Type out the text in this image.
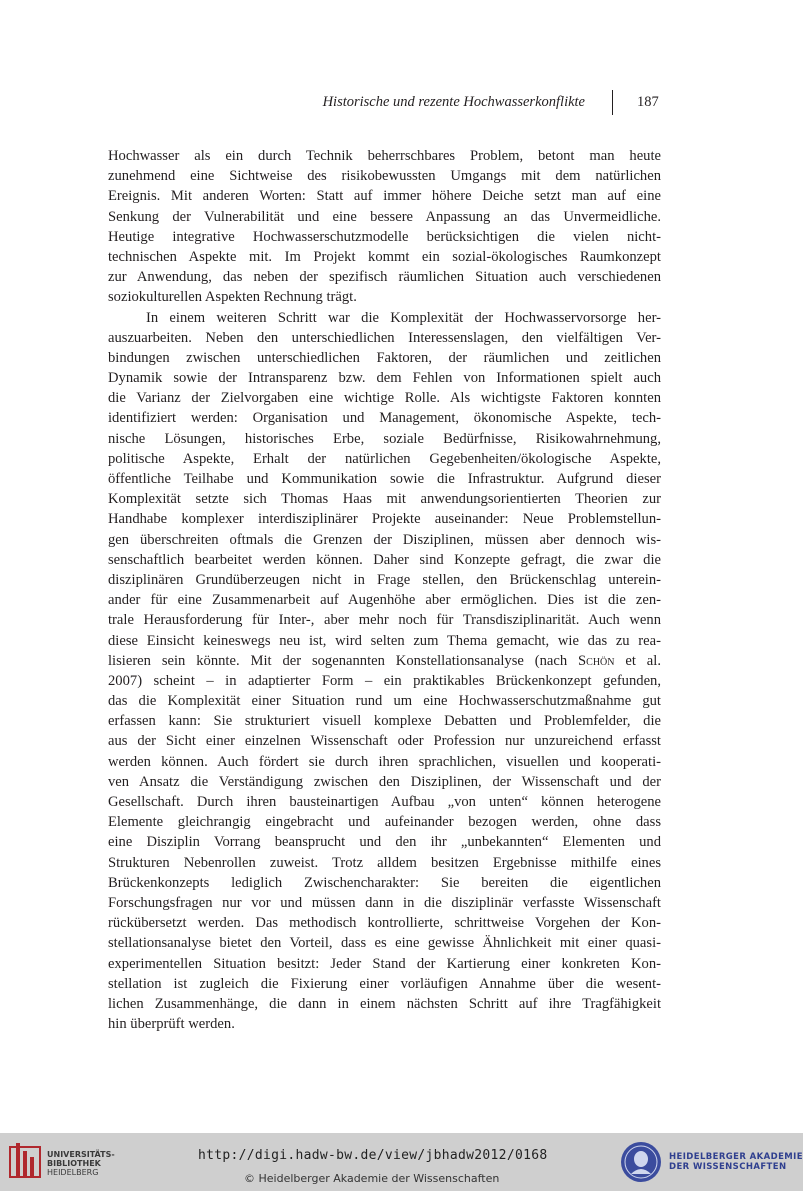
Historische und rezente Hochwasserkonflikte	187
Hochwasser als ein durch Technik beherrschbares Problem, betont man heute
zunehmend eine Sichtweise des risikobewussten Umgangs mit dem natürlichen
Ereignis. Mit anderen Worten: Statt auf immer höhere Deiche setzt man auf eine
Senkung der Vulnerabilität und eine bessere Anpassung an das Unvermeidliche.
Heutige integrative Hochwasserschutzmodelle berücksichtigen die vielen nicht-
technischen Aspekte mit. Im Projekt kommt ein sozial-ökologisches Raumkonzept
zur Anwendung, das neben der spezifisch räumlichen Situation auch verschiedenen
soziokulturellen Aspekten Rechnung trägt.
In einem weiteren Schritt war die Komplexität der Hochwasservorsorge her-
auszuarbeiten. Neben den unterschiedlichen Interessenslagen, den vielfältigen Ver-
bindungen zwischen unterschiedlichen Faktoren, der räumlichen und zeitlichen
Dynamik sowie der Intransparenz bzw. dem Fehlen von Informationen spielt auch
die Varianz der Zielvorgaben eine wichtige Rolle. Als wichtigste Faktoren konnten
identifiziert werden: Organisation und Management, ökonomische Aspekte, tech-
nische Lösungen, historisches Erbe, soziale Bedürfnisse, Risikowahrnehmung,
politische Aspekte, Erhalt der natürlichen Gegebenheiten/ökologische Aspekte,
öffentliche Teilhabe und Kommunikation sowie die Infrastruktur. Aufgrund dieser
Komplexität setzte sich Thomas Haas mit anwendungsorientierten Theorien zur
Handhabe komplexer interdisziplinärer Projekte auseinander: Neue Problemstellun-
gen überschreiten oftmals die Grenzen der Disziplinen, müssen aber dennoch wis-
senschaftlich bearbeitet werden können. Daher sind Konzepte gefragt, die zwar die
disziplinären Grundüberzeugen nicht in Frage stellen, den Brückenschlag unterein-
ander für eine Zusammenarbeit auf Augenhöhe aber ermöglichen. Dies ist die zen-
trale Herausforderung für Inter-, aber mehr noch für Transdisziplinarität. Auch wenn
diese Einsicht keineswegs neu ist, wird selten zum Thema gemacht, wie das zu rea-
lisieren sein könnte. Mit der sogenannten Konstellationsanalyse (nach Schön et al.
2007) scheint – in adaptierter Form – ein praktikables Brückenkonzept gefunden,
das die Komplexität einer Situation rund um eine Hochwasserschutzmaßnahme gut
erfassen kann: Sie strukturiert visuell komplexe Debatten und Problemfelder, die
aus der Sicht einer einzelnen Wissenschaft oder Profession nur unzureichend erfasst
werden können. Auch fördert sie durch ihren sprachlichen, visuellen und kooperati-
ven Ansatz die Verständigung zwischen den Disziplinen, der Wissenschaft und der
Gesellschaft. Durch ihren bausteinartigen Aufbau „von unten“ können heterogene
Elemente gleichrangig eingebracht und aufeinander bezogen werden, ohne dass
eine Disziplin Vorrang beansprucht und den ihr „unbekannten“ Elementen und
Strukturen Nebenrollen zuweist. Trotz alldem besitzen Ergebnisse mithilfe eines
Brückenkonzepts lediglich Zwischencharakter: Sie bereiten die eigentlichen
Forschungsfragen nur vor und müssen dann in die disziplinär verfasste Wissenschaft
rückübersetzt werden. Das methodisch kontrollierte, schrittweise Vorgehen der Kon-
stellationsanalyse bietet den Vorteil, dass es eine gewisse Ähnlichkeit mit einer quasi-
experimentellen Situation besitzt: Jeder Stand der Kartierung einer konkreten Kon-
stellation ist zugleich die Fixierung einer vorläufigen Annahme über die wesent-
lichen Zusammenhänge, die dann in einem nächsten Schritt auf ihre Tragfähigkeit
hin überprüft werden.
UNIVERSITÄTS-
BIBLIOTHEK
HEIDELBERG
http://digi.hadw-bw.de/view/jbhadw2012/0168
© Heidelberger Akademie der Wissenschaften
HEIDELBERGER AKADEMIE
DER WISSENSCHAFTEN
